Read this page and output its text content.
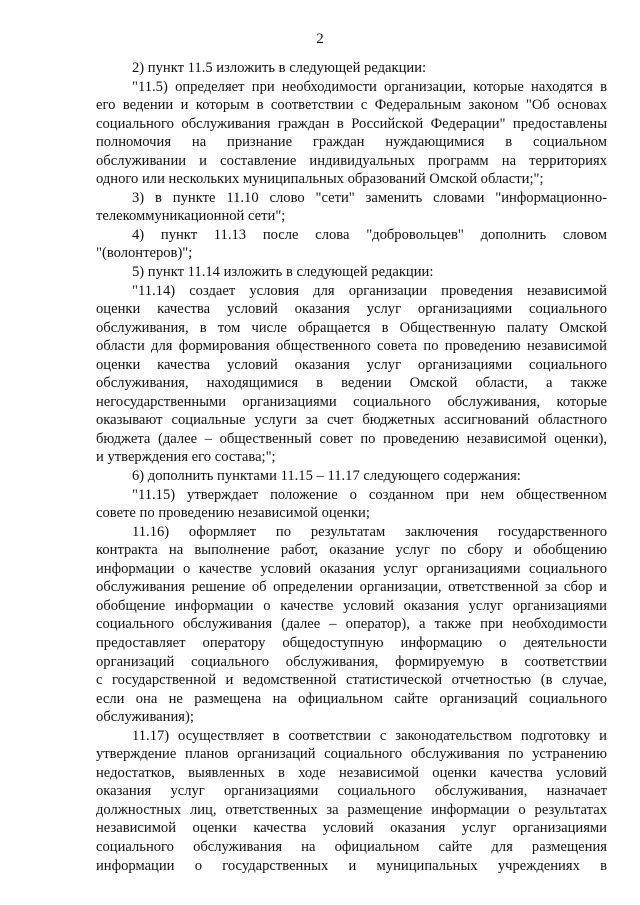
2
2) пункт 11.5 изложить в следующей редакции:
"11.5) определяет при необходимости организации, которые находятся в
его ведении и которым в соответствии с Федеральным законом "Об основах
социального обслуживания граждан в Российской Федерации" предоставлены
полномочия на признание граждан нуждающимися в социальном
обслуживании и составление индивидуальных программ на территориях
одного или нескольких муниципальных образований Омской области;";
3) в пункте 11.10 слово "сети" заменить словами "информационно-
телекоммуникационной сети";
4) пункт 11.13 после слова "добровольцев" дополнить словом
"(волонтеров)";
5) пункт 11.14 изложить в следующей редакции:
"11.14) создает условия для организации проведения независимой
оценки качества условий оказания услуг организациями социального
обслуживания, в том числе обращается в Общественную палату Омской
области для формирования общественного совета по проведению независимой
оценки качества условий оказания услуг организациями социального
обслуживания, находящимися в ведении Омской области, а также
негосударственными организациями социального обслуживания, которые
оказывают социальные услуги за счет бюджетных ассигнований областного
бюджета (далее – общественный совет по проведению независимой оценки),
и утверждения его состава;";
6) дополнить пунктами 11.15 – 11.17 следующего содержания:
"11.15) утверждает положение о созданном при нем общественном
совете по проведению независимой оценки;
11.16) оформляет по результатам заключения государственного
контракта на выполнение работ, оказание услуг по сбору и обобщению
информации о качестве условий оказания услуг организациями социального
обслуживания решение об определении организации, ответственной за сбор и
обобщение информации о качестве условий оказания услуг организациями
социального обслуживания (далее – оператор), а также при необходимости
предоставляет оператору общедоступную информацию о деятельности
организаций социального обслуживания, формируемую в соответствии
с государственной и ведомственной статистической отчетностью (в случае,
если она не размещена на официальном сайте организаций социального
обслуживания);
11.17) осуществляет в соответствии с законодательством подготовку и
утверждение планов организаций социального обслуживания по устранению
недостатков, выявленных в ходе независимой оценки качества условий
оказания услуг организациями социального обслуживания, назначает
должностных лиц, ответственных за размещение информации о результатах
независимой оценки качества условий оказания услуг организациями
социального обслуживания на официальном сайте для размещения
информации о государственных и муниципальных учреждениях в
